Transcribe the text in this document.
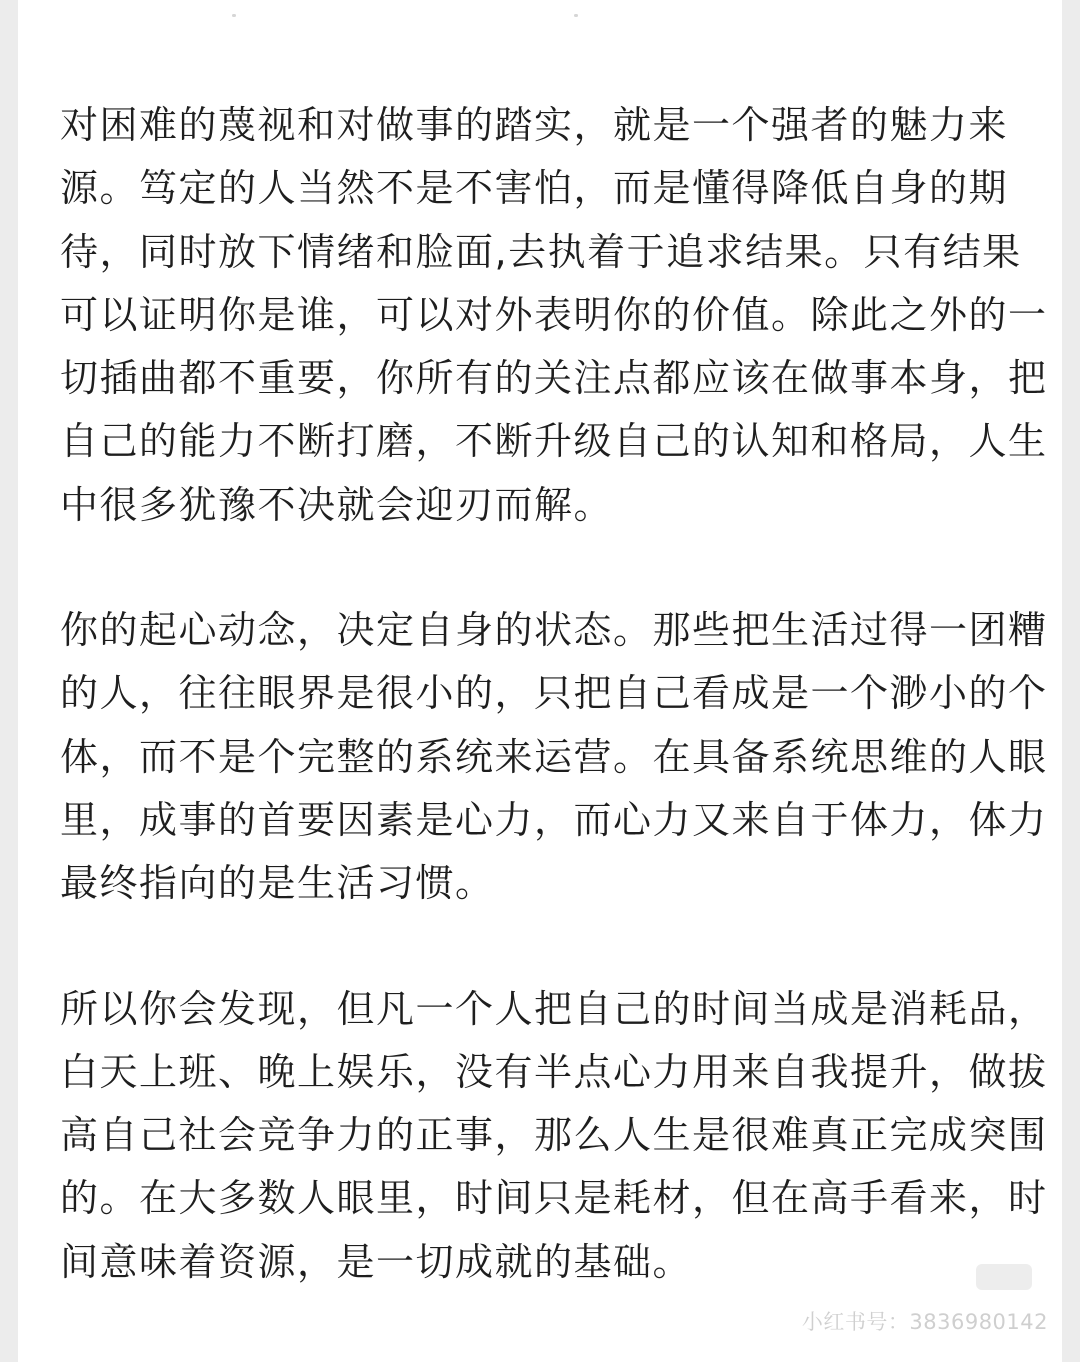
对困难的蔑视和对做事的踏实，就是一个强者的魅力来源。笃定的人当然不是不害怕，而是懂得降低自身的期待，同时放下情绪和脸面,去执着于追求结果。只有结果可以证明你是谁，可以对外表明你的价值。除此之外的一切插曲都不重要，你所有的关注点都应该在做事本身，把自己的能力不断打磨，不断升级自己的认知和格局，人生中很多犹豫不决就会迎刃而解。

你的起心动念，决定自身的状态。那些把生活过得一团糟的人，往往眼界是很小的，只把自己看成是一个渺小的个体，而不是个完整的系统来运营。在具备系统思维的人眼里，成事的首要因素是心力，而心力又来自于体力，体力最终指向的是生活习惯。

所以你会发现，但凡一个人把自己的时间当成是消耗品，白天上班、晚上娱乐，没有半点心力用来自我提升，做拔高自己社会竞争力的正事，那么人生是很难真正完成突围的。在大多数人眼里，时间只是耗材，但在高手看来，时间意味着资源，是一切成就的基础。

小红书号：3836980142
